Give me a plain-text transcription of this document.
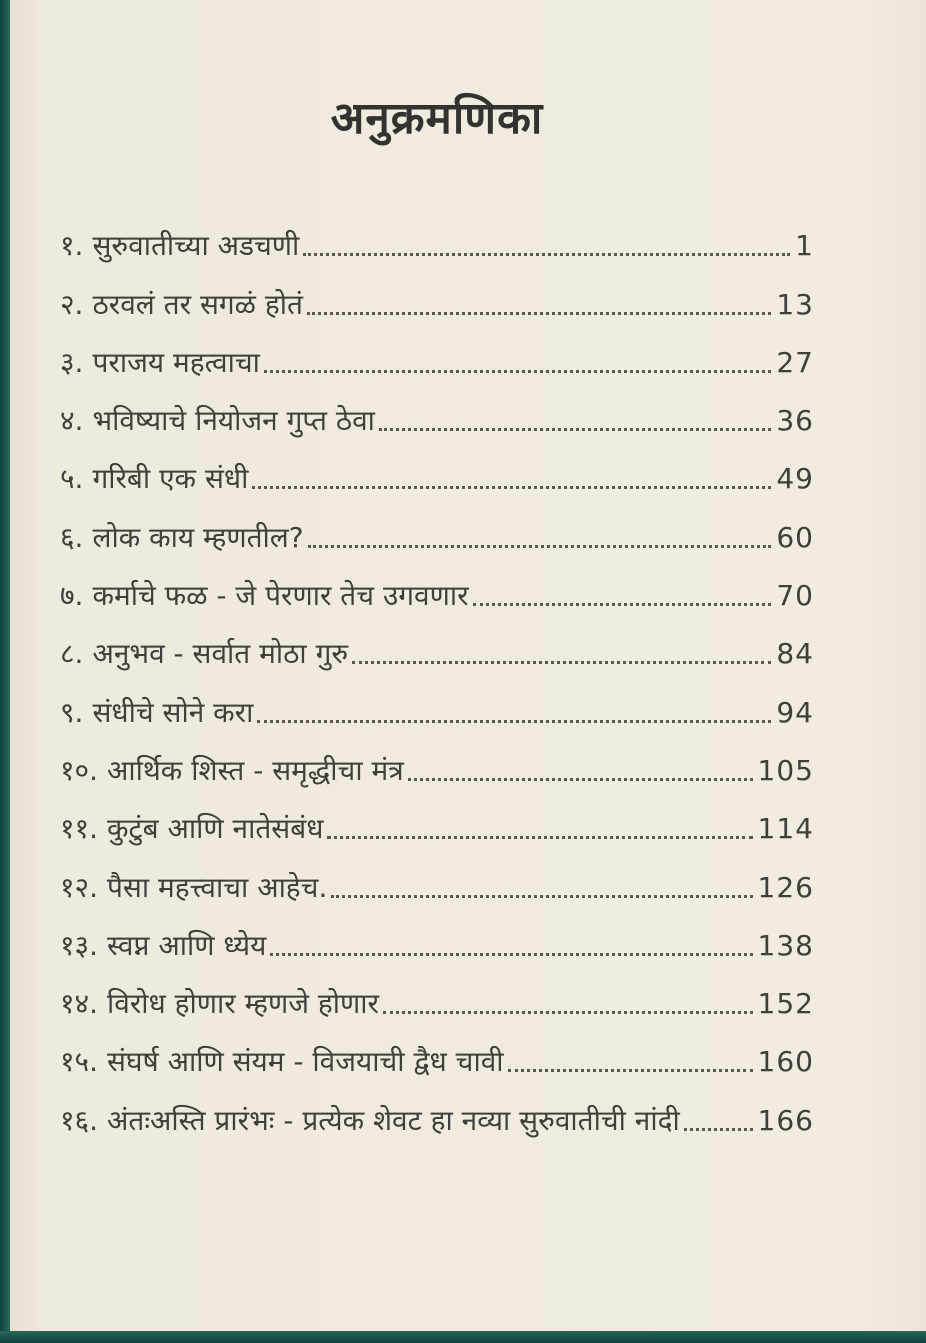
अनुक्रमणिका
१. सुरुवातीच्या अडचणी	1
२. ठरवलं तर सगळं होतं	13
३. पराजय महत्वाचा	27
४. भविष्याचे नियोजन गुप्त ठेवा	36
५. गरिबी एक संधी	49
६. लोक काय म्हणतील?	60
७. कर्माचे फळ - जे पेरणार तेच उगवणार	70
८. अनुभव - सर्वात मोठा गुरु	84
९. संधीचे सोने करा	94
१०. आर्थिक शिस्त - समृद्धीचा मंत्र	105
११. कुटुंब आणि नातेसंबंध	114
१२. पैसा महत्त्वाचा आहेच.	126
१३. स्वप्न आणि ध्येय	138
१४. विरोध होणार म्हणजे होणार	152
१५. संघर्ष आणि संयम - विजयाची द्वैध चावी	160
१६. अंतःअस्ति प्रारंभः - प्रत्येक शेवट हा नव्या सुरुवातीची नांदी	166
